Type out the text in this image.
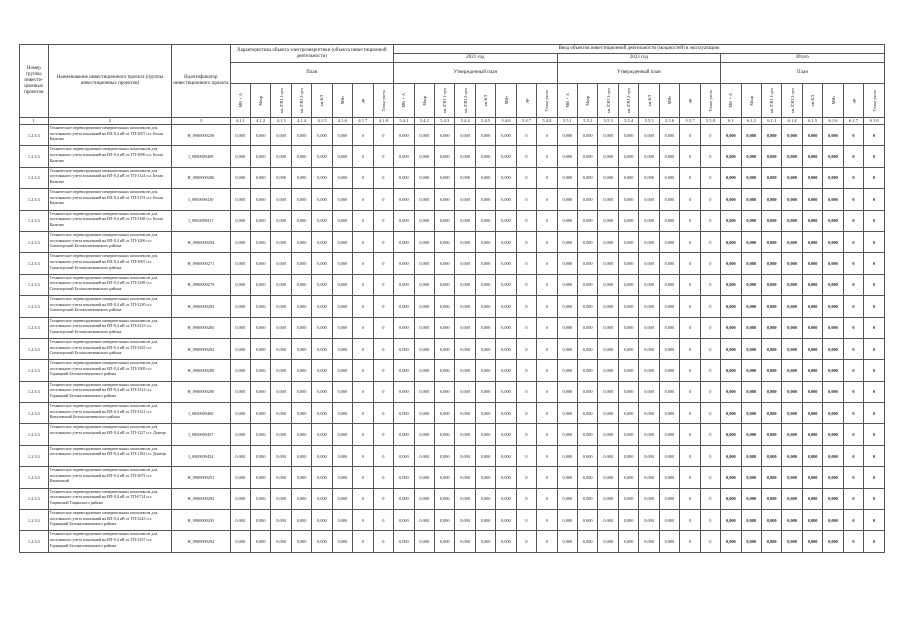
Номер группы инвести-ционных проектов	Наименование инвестиционного проекта (группы инвестиционных проектов)	Идентификатор инвестиционного проекта	Характеристика объекта электроэнергетики (объекта инвестиционной деятельности)								Ввод объектов инвестиционной деятельности (мощностей) в эксплуатацию																							
											2021 год								2023 год								Итого							
			План								Утвержденный план								Утвержденный план								План							

			МВ×А	Мвар	км ЛЭП 1-цеп	км ЛЭП 2-цеп	км КЛ	МВт	др.	Точки учета	МВ×А	Мвар	км ЛЭП 1-цеп	км ЛЭП 2-цеп	км КЛ	МВт	др.	Точки учета	МВ×А	Мвар	км ЛЭП 1-цеп	км ЛЭП 2-цеп	км КЛ	МВт	др.	Точки учета	МВ×А	Мвар	км ЛЭП 1-цеп	км ЛЭП 2-цеп	км КЛ	МВт	др.	Точки учета

1	2	3	4.1.1	4.1.2	4.1.3	4.1.4	4.1.5	4.1.6	4.1.7	4.1.8	5.4.1	5.4.2	5.4.3	5.4.4	5.4.5	5.4.6	5.4.7	5.4.8	5.5.1	5.5.2	5.5.3	5.5.4	5.5.5	5.5.6	5.5.7	5.5.8	6.1	6.1.2	6.1.3	6.1.4	6.1.5	6.1.6	6.1.7	6.1.8
1.2.3.3	Техническое перевооружение измерительных комплексов для постоянного учета показаний на ВЛ-0,4 кВ от ТП-3057 п.г. Белая Калитва	H_0900009258	0,000	0,000	0,000	0,000	0,000	0,000	0	0	0,000	0,000	0,000	0,000	0,000	0,000	0	0	0,000	0,000	0,000	0,000	0,000	0,000	0	0	0,000	0,000	0,000	0,000	0,000	0,000	0	0
1.2.3.3	Техническое перевооружение измерительных комплексов для постоянного учета показаний на ВЛ-0,4 кВ от ТП-3096 п.г. Белая Калитва	I_0900009409	0,000	0,000	0,000	0,000	0,000	0,000	0	0	0,000	0,000	0,000	0,000	0,000	0,000	0	0	0,000	0,000	0,000	0,000	0,000	0,000	0	0	0,000	0,000	0,000	0,000	0,000	0,000	0	0
1.2.3.3	Техническое перевооружение измерительных комплексов для постоянного учета показаний на ВЛ-0,4 кВ от ТП-3124 п.г. Белая Калитва	H_0900009286	0,000	0,000	0,000	0,000	0,000	0,000	0	0	0,000	0,000	0,000	0,000	0,000	0,000	0	0	0,000	0,000	0,000	0,000	0,000	0,000	0	0	0,000	0,000	0,000	0,000	0,000	0,000	0	0
1.2.3.3	Техническое перевооружение измерительных комплексов для постоянного учета показаний на ВЛ-0,4 кВ от ТП-3153 п.г. Белая Калитва	I_0900009410	0,000	0,000	0,000	0,000	0,000	0,000	0	0	0,000	0,000	0,000	0,000	0,000	0,000	0	0	0,000	0,000	0,000	0,000	0,000	0,000	0	0	0,000	0,000	0,000	0,000	0,000	0,000	0	0
1.2.3.3	Техническое перевооружение измерительных комплексов для постоянного учета показаний на ВЛ-0,4 кВ от ТП-3168 п.г. Белая Калитва	I_0900009411	0,000	0,000	0,000	0,000	0,000	0,000	0	0	0,000	0,000	0,000	0,000	0,000	0,000	0	0	0,000	0,000	0,000	0,000	0,000	0,000	0	0	0,000	0,000	0,000	0,000	0,000	0,000	0	0
1.2.3.3	Техническое перевооружение измерительных комплексов для постоянного учета показаний на ВЛ-0,4 кВ от ТП-3206 п.г. Сымогорский Белокалитвинского района	H_0900009294	0,000	0,000	0,000	0,000	0,000	0,000	0	0	0,000	0,000	0,000	0,000	0,000	0,000	0	0	0,000	0,000	0,000	0,000	0,000	0,000	0	0	0,000	0,000	0,000	0,000	0,000	0,000	0	0
1.2.3.3	Техническое перевооружение измерительных комплексов для постоянного учета показаний на ВЛ-0,4 кВ от ТП-3097 п.г. Сымогорский Белокалитвинского района	H_0900009271	0,000	0,000	0,000	0,000	0,000	0,000	0	0	0,000	0,000	0,000	0,000	0,000	0,000	0	0	0,000	0,000	0,000	0,000	0,000	0,000	0	0	0,000	0,000	0,000	0,000	0,000	0,000	0	0
1.2.3.3	Техническое перевооружение измерительных комплексов для постоянного учета показаний на ВЛ-0,4 кВ от ТП-3298 п.г. Сымогорский Белокалитвинского района	H_0900009279	0,000	0,000	0,000	0,000	0,000	0,000	0	0	0,000	0,000	0,000	0,000	0,000	0,000	0	0	0,000	0,000	0,000	0,000	0,000	0,000	0	0	0,000	0,000	0,000	0,000	0,000	0,000	0	0
1.2.3.3	Техническое перевооружение измерительных комплексов для постоянного учета показаний на ВЛ-0,4 кВ от ТП-3230 п.г. Сымогорский Белокалитвинского района	H_0900009283	0,000	0,000	0,000	0,000	0,000	0,000	0	0	0,000	0,000	0,000	0,000	0,000	0,000	0	0	0,000	0,000	0,000	0,000	0,000	0,000	0	0	0,000	0,000	0,000	0,000	0,000	0,000	0	0
1.2.3.3	Техническое перевооружение измерительных комплексов для постоянного учета показаний на ВЛ-0,4 кВ от ТП-3215 п.г. Сымогорский Белокалитвинского района	H_0900009285	0,000	0,000	0,000	0,000	0,000	0,000	0	0	0,000	0,000	0,000	0,000	0,000	0,000	0	0	0,000	0,000	0,000	0,000	0,000	0,000	0	0	0,000	0,000	0,000	0,000	0,000	0,000	0	0
1.2.3.3	Техническое перевооружение измерительных комплексов для постоянного учета показаний на ВЛ-0,4 кВ от ТП-3225 п.г. Сымогорский Белокалитвинского района	H_0900009282	0,000	0,000	0,000	0,000	0,000	0,000	0	0	0,000	0,000	0,000	0,000	0,000	0,000	0	0	0,000	0,000	0,000	0,000	0,000	0,000	0	0	0,000	0,000	0,000	0,000	0,000	0,000	0	0
1.2.3.3	Техническое перевооружение измерительных комплексов для постоянного учета показаний на ВЛ-0,4 кВ от ТП-3309 п.г. Горняцкий Белокалитвинского района	H_0900009289	0,000	0,000	0,000	0,000	0,000	0,000	0	0	0,000	0,000	0,000	0,000	0,000	0,000	0	0	0,000	0,000	0,000	0,000	0,000	0,000	0	0	0,000	0,000	0,000	0,000	0,000	0,000	0	0
1.2.3.3	Техническое перевооружение измерительных комплексов для постоянного учета показаний на ВЛ-0,4 кВ от ТП-3312 п.г. Горняцкий Белокалитвинского района	H_0900009290	0,000	0,000	0,000	0,000	0,000	0,000	0	0	0,000	0,000	0,000	0,000	0,000	0,000	0	0	0,000	0,000	0,000	0,000	0,000	0,000	0	0	0,000	0,000	0,000	0,000	0,000	0,000	0	0
1.2.3.3	Техническое перевооружение измерительных комплексов для постоянного учета показаний на ВЛ-0,4 кВ от ТП-3321 п.г. Ковалевский Белокалитвинского района	I_0900009460	0,000	0,000	0,000	0,000	0,000	0,000	0	0	0,000	0,000	0,000	0,000	0,000	0,000	0	0	0,000	0,000	0,000	0,000	0,000	0,000	0	0	0,000	0,000	0,000	0,000	0,000	0,000	0	0
1.2.3.3	Техническое перевооружение измерительных комплексов для постоянного учета показаний на ВЛ-0,4 кВ от ТП-1227 п.г. Донецк	I_0900009457	0,000	0,000	0,000	0,000	0,000	0,000	0	0	0,000	0,000	0,000	0,000	0,000	0,000	0	0	0,000	0,000	0,000	0,000	0,000	0,000	0	0	0,000	0,000	0,000	0,000	0,000	0,000	0	0
1.2.3.3	Техническое перевооружение измерительных комплексов для постоянного учета показаний на ВЛ-0,4 кВ от ТП-1182 п.г. Донецк	I_0900009454	0,000	0,000	0,000	0,000	0,000	0,000	0	0	0,000	0,000	0,000	0,000	0,000	0,000	0	0	0,000	0,000	0,000	0,000	0,000	0,000	0	0	0,000	0,000	0,000	0,000	0,000	0,000	0	0
1.2.3.3	Техническое перевооружение измерительных комплексов для постоянного учета показаний на ВЛ-0,4 кВ от ТП-3073 п.г. Каменский	H_0900009291	0,000	0,000	0,000	0,000	0,000	0,000	0	0	0,000	0,000	0,000	0,000	0,000	0,000	0	0	0,000	0,000	0,000	0,000	0,000	0,000	0	0	0,000	0,000	0,000	0,000	0,000	0,000	0	0
1.2.3.3	Техническое перевооружение измерительных комплексов для постоянного учета показаний на ВЛ-0,4 кВ от ТП-0714 п.г. Тацинский Тацинского района	H_0900009292	0,000	0,000	0,000	0,000	0,000	0,000	0	0	0,000	0,000	0,000	0,000	0,000	0,000	0	0	0,000	0,000	0,000	0,000	0,000	0,000	0	0	0,000	0,000	0,000	0,000	0,000	0,000	0	0
1.2.3.3	Техническое перевооружение измерительных комплексов для постоянного учета показаний на ВЛ-0,4 кВ от ТП-3245 п.г. Горняцкий Белокалитвинского района	H_0900009293	0,000	0,000	0,000	0,000	0,000	0,000	0	0	0,000	0,000	0,000	0,000	0,000	0,000	0	0	0,000	0,000	0,000	0,000	0,000	0,000	0	0	0,000	0,000	0,000	0,000	0,000	0,000	0	0
1.2.3.3	Техническое перевооружение измерительных комплексов для постоянного учета показаний на ВЛ-0,4 кВ от ТП-3257 п.г. Горняцкий Белокалитвинского района	H_0900009294	0,000	0,000	0,000	0,000	0,000	0,000	0	0	0,000	0,000	0,000	0,000	0,000	0,000	0	0	0,000	0,000	0,000	0,000	0,000	0,000	0	0	0,000	0,000	0,000	0,000	0,000	0,000	0	0
